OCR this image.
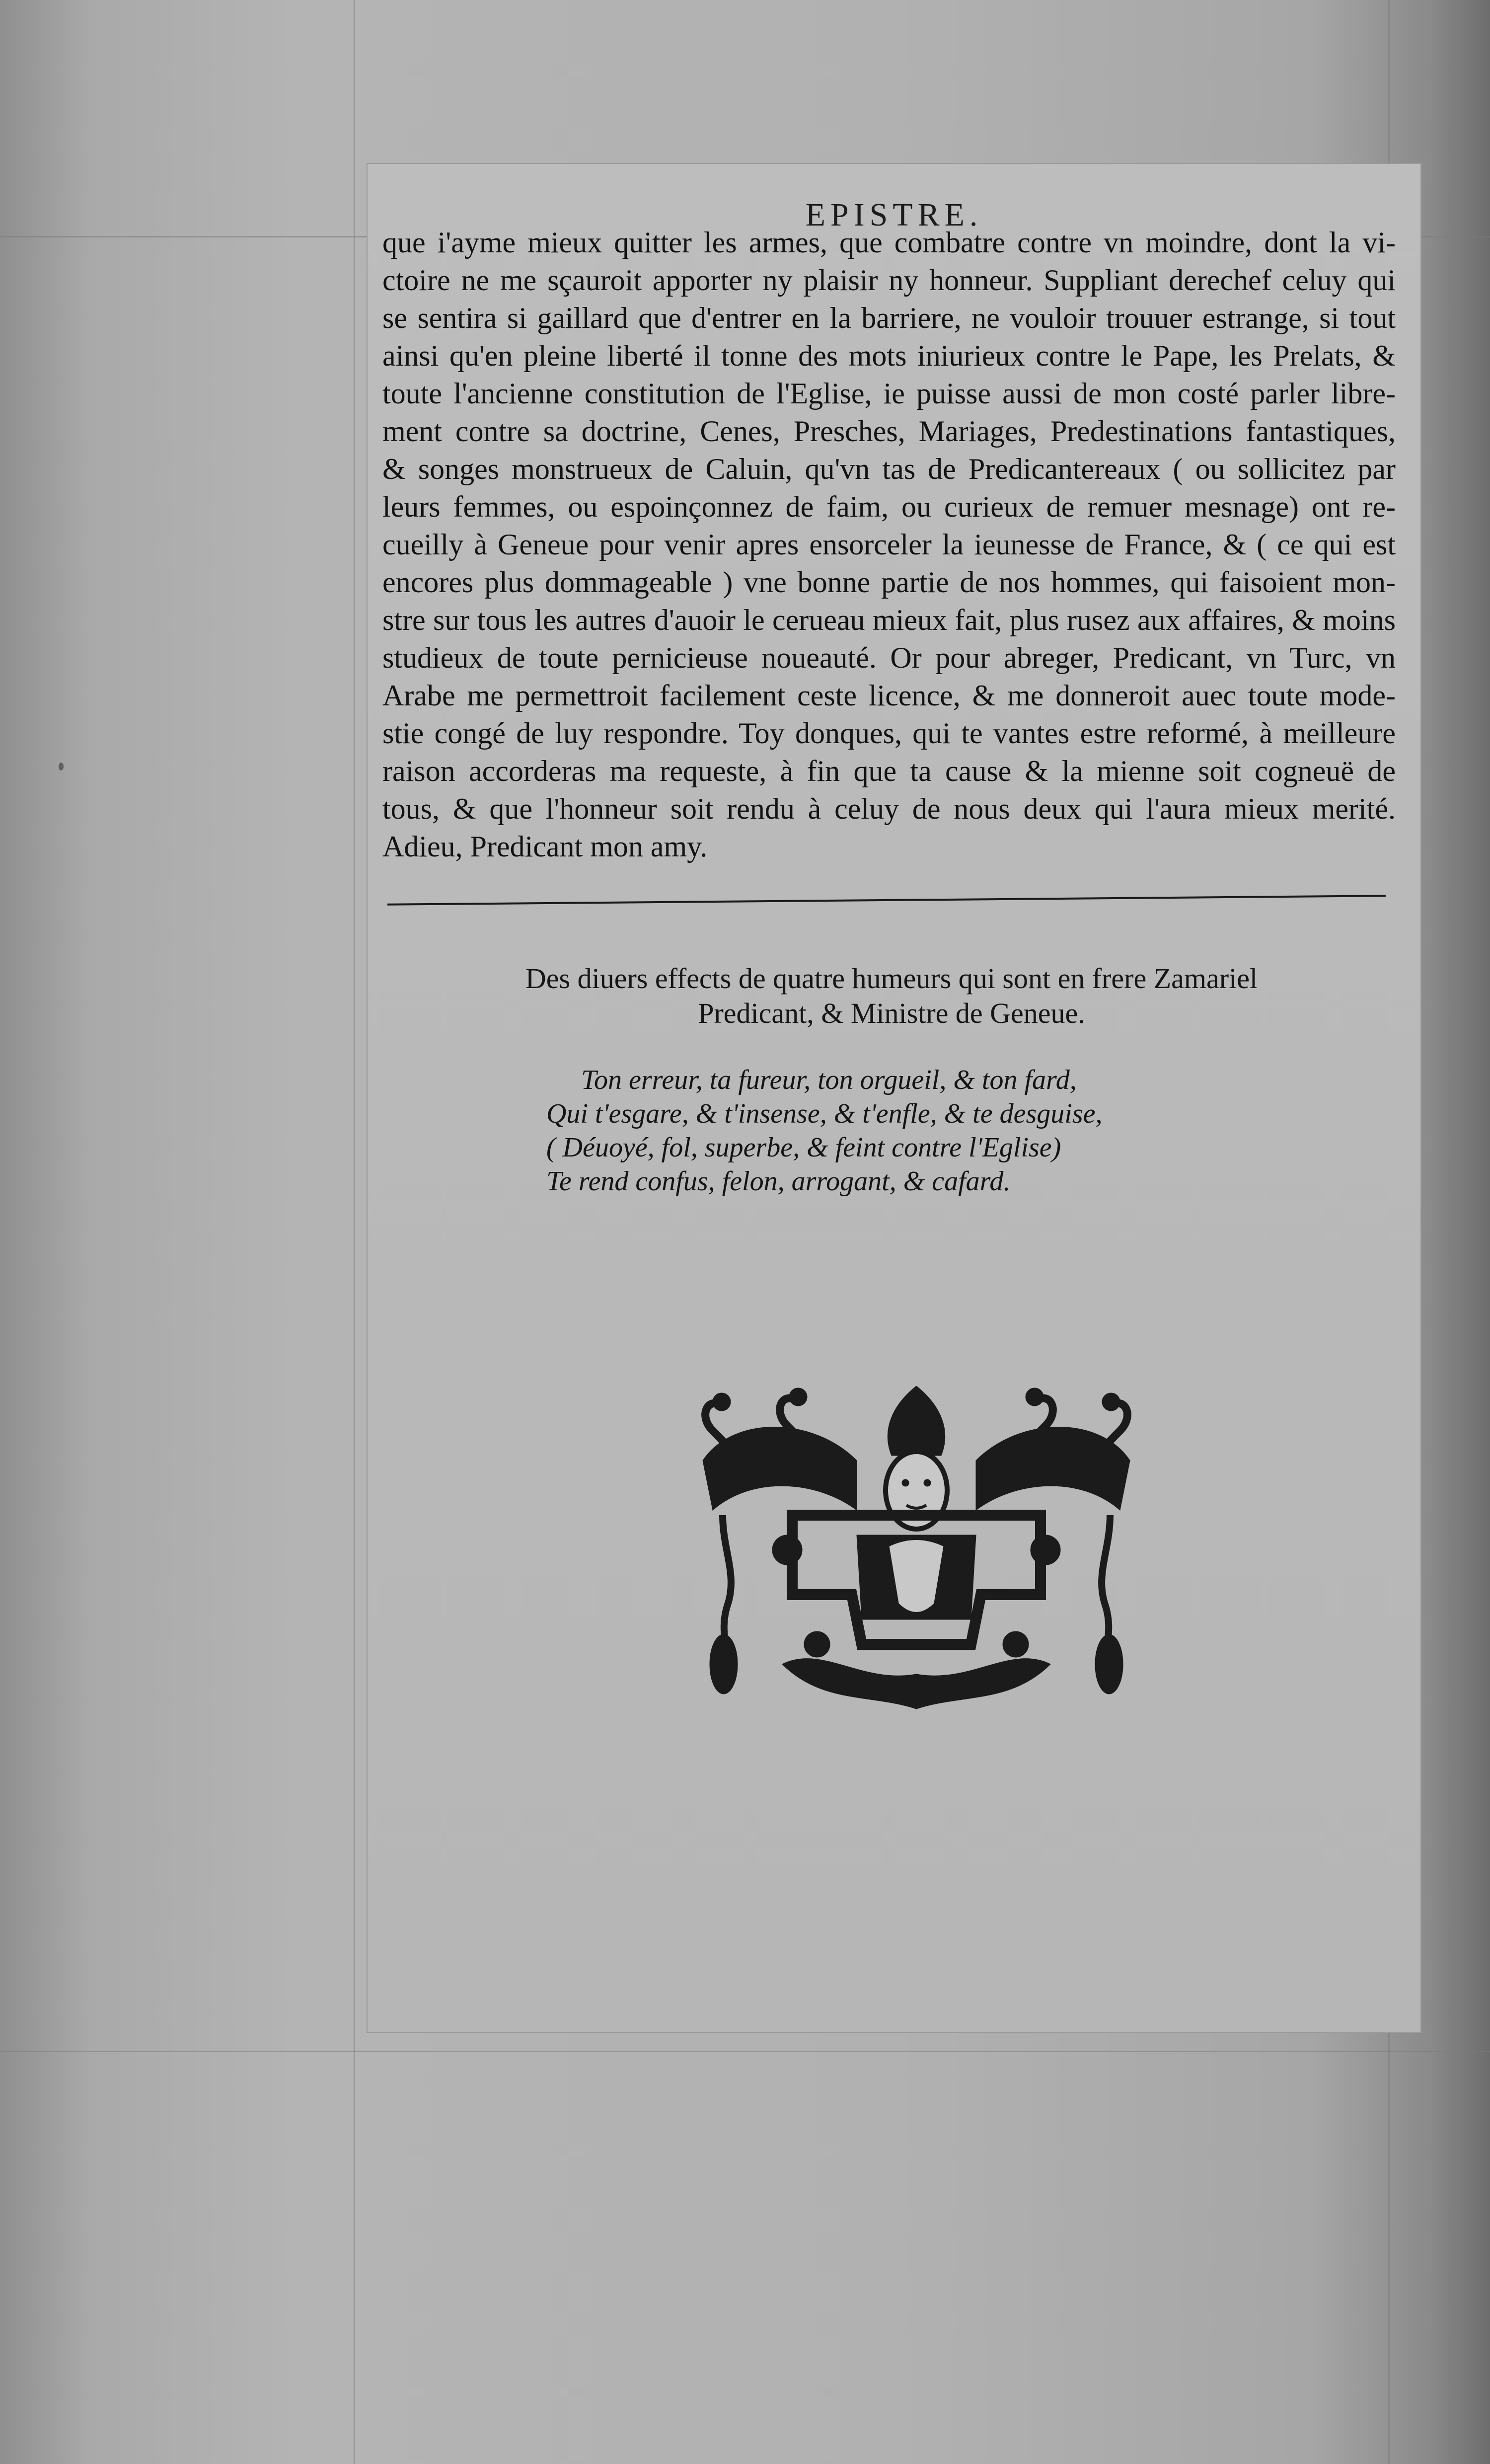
EPISTRE.

que i'ayme mieux quitter les armes, que combatre contre vn moindre, dont la vi-

ctoire ne me sçauroit apporter ny plaisir ny honneur. Suppliant derechef celuy qui

se sentira si gaillard que d'entrer en la barriere, ne vouloir trouuer estrange, si tout

ainsi qu'en pleine liberté il tonne des mots iniurieux contre le Pape, les Prelats, &

toute l'ancienne constitution de l'Eglise, ie puisse aussi de mon costé parler libre-

ment contre sa doctrine, Cenes, Presches, Mariages, Predestinations fantastiques,

& songes monstrueux de Caluin, qu'vn tas de Predicantereaux ( ou sollicitez par

leurs femmes, ou espoinçonnez de faim, ou curieux de remuer mesnage) ont re-

cueilly à Geneue pour venir apres ensorceler la ieunesse de France, & ( ce qui est

encores plus dommageable ) vne bonne partie de nos hommes, qui faisoient mon-

stre sur tous les autres d'auoir le cerueau mieux fait, plus rusez aux affaires, & moins

studieux de toute pernicieuse noueauté. Or pour abreger, Predicant, vn Turc, vn

Arabe me permettroit facilement ceste licence, & me donneroit auec toute mode-

stie congé de luy respondre. Toy donques, qui te vantes estre reformé, à meilleure

raison accorderas ma requeste, à fin que ta cause & la mienne soit cogneuë de

tous, & que l'honneur soit rendu à celuy de nous deux qui l'aura mieux merité.

Adieu, Predicant mon amy.

Des diuers effects de quatre humeurs qui sont en frere Zamariel
Predicant, & Ministre de Geneue.
Ton erreur, ta fureur, ton orgueil, & ton fard,
Qui t'esgare, & t'insense, & t'enfle, & te desguise,
( Déuoyé, fol, superbe, & feint contre l'Eglise)
Te rend confus, felon, arrogant, & cafard.
